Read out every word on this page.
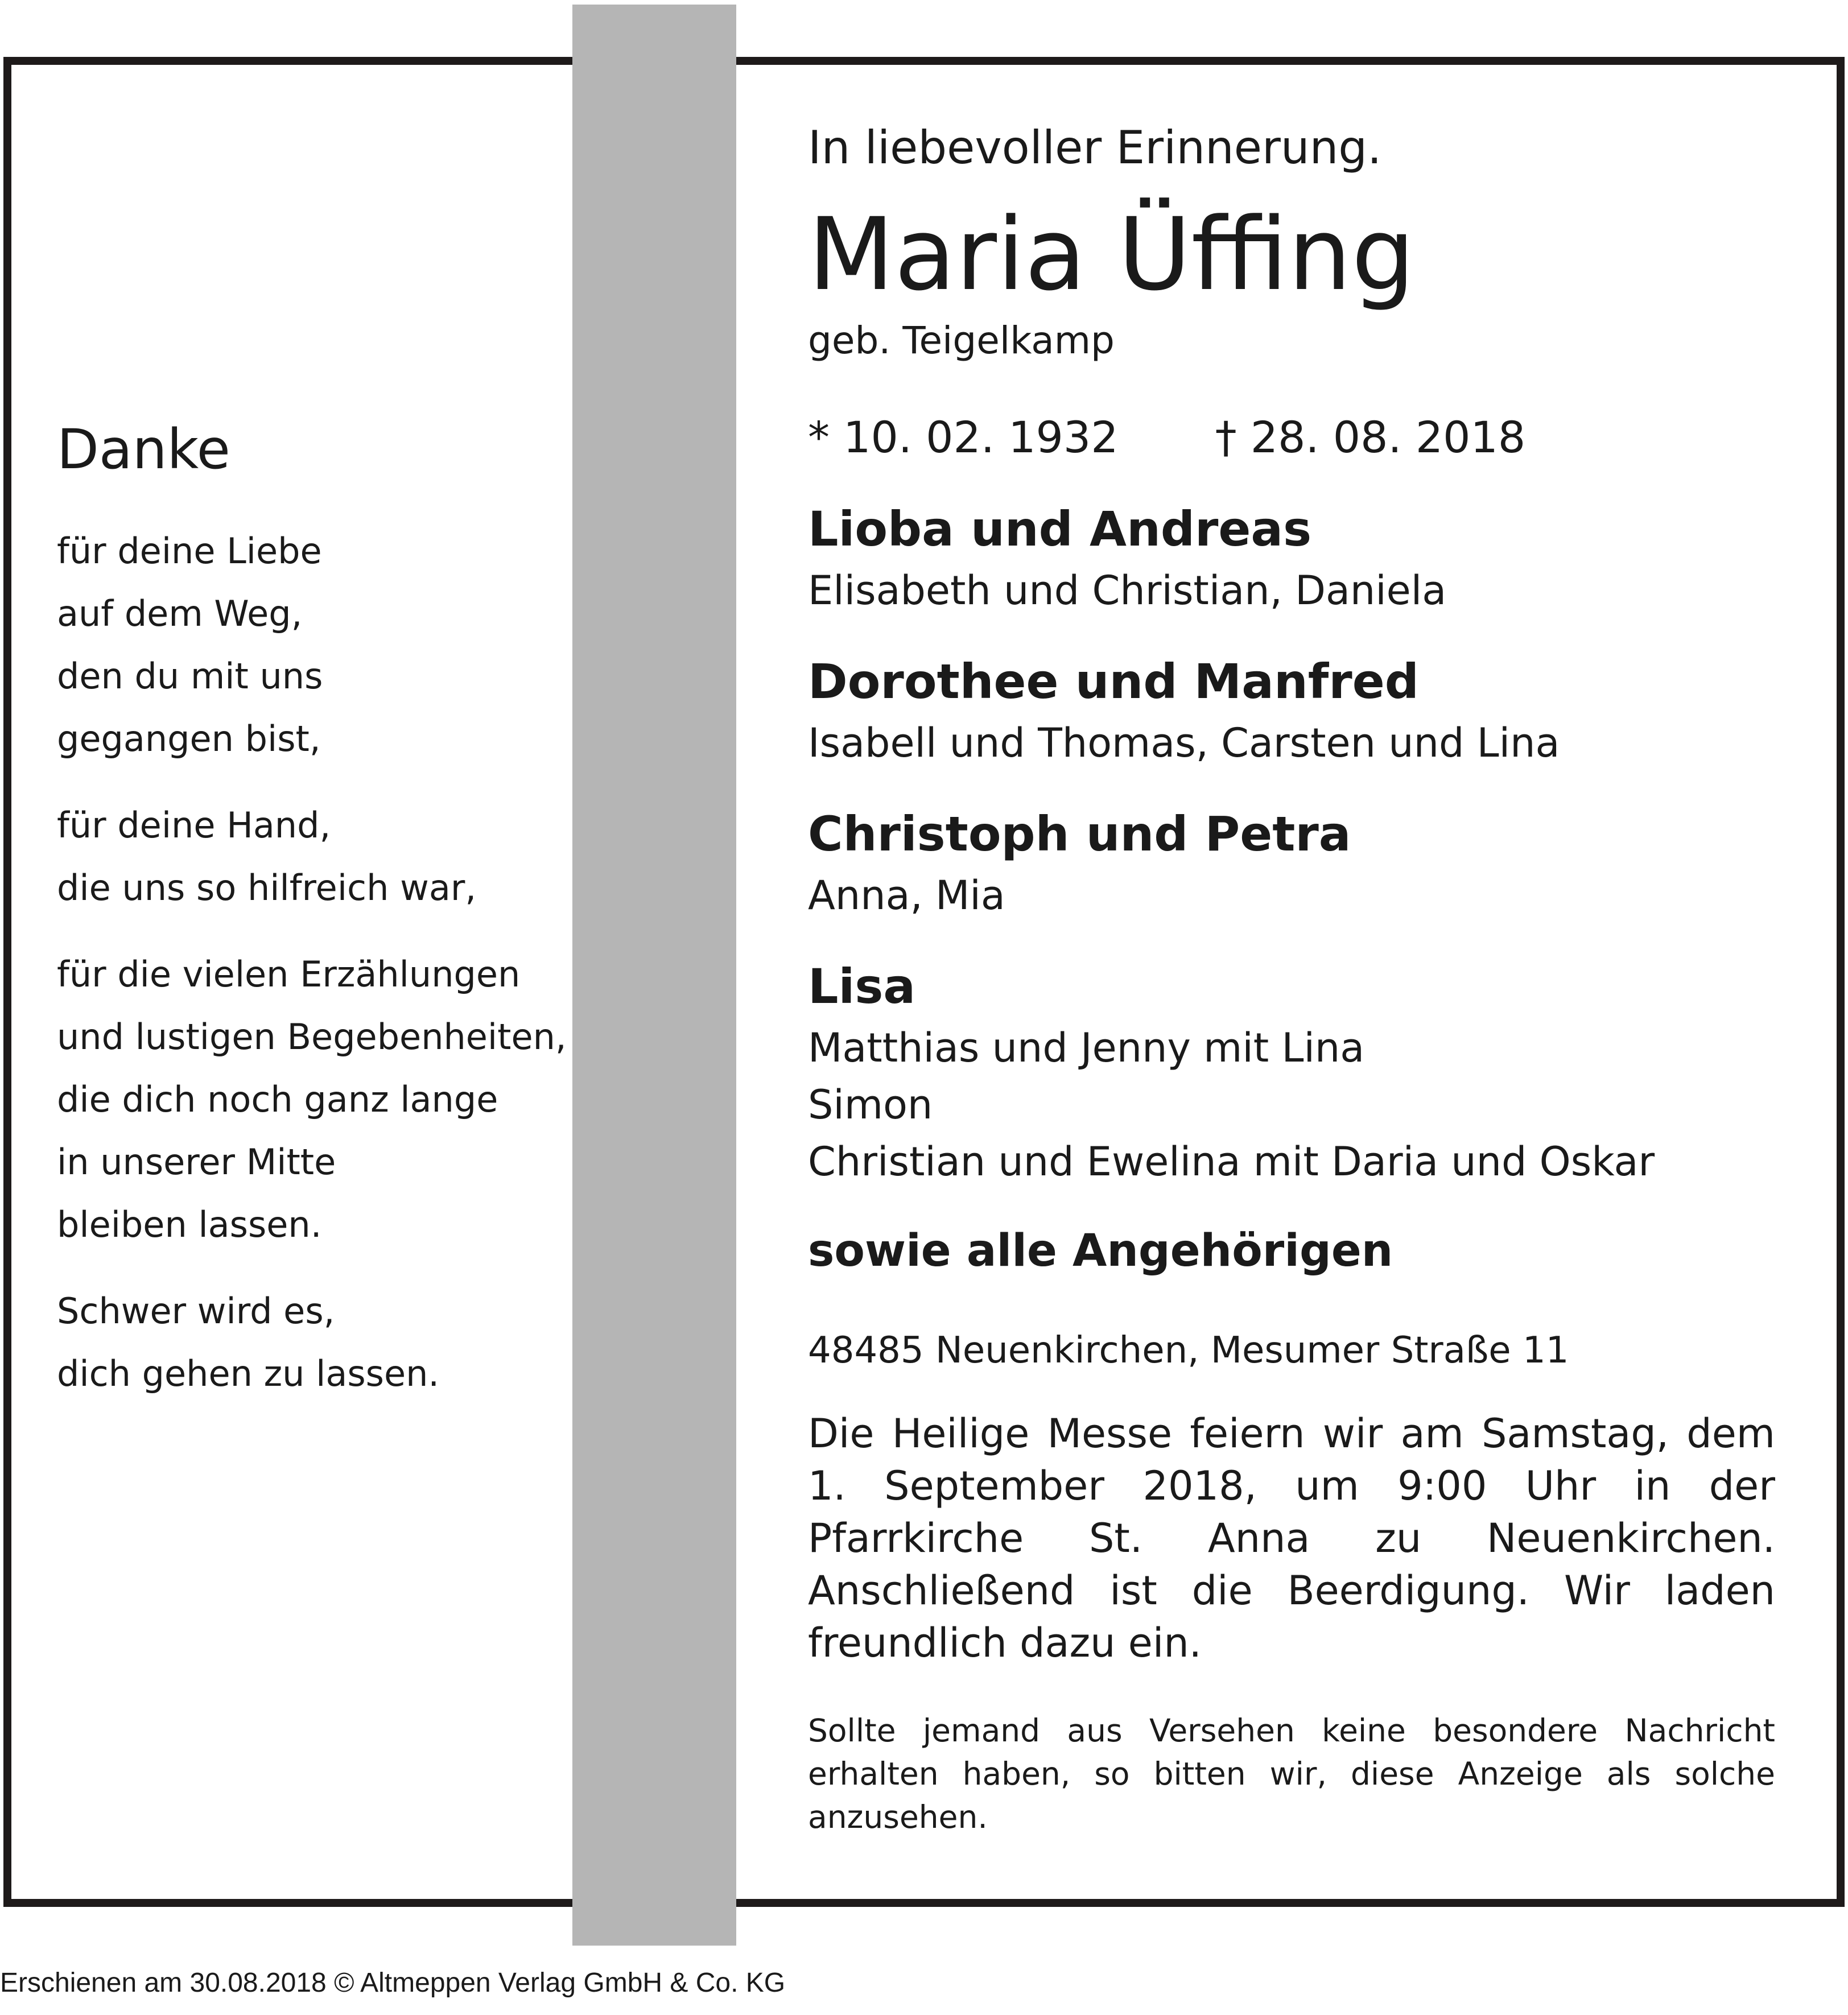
Danke
für deine Liebe
auf dem Weg,
den du mit uns
gegangen bist,
für deine Hand,
die uns so hilfreich war,
für die vielen Erzählungen
und lustigen Begebenheiten,
die dich noch ganz lange
in unserer Mitte
bleiben lassen.
Schwer wird es,
dich gehen zu lassen.

In liebevoller Erinnerung.

Maria Üffing

geb. Teigelkamp

* 10. 02. 1932 † 28. 08. 2018

Lioba und Andreas
Elisabeth und Christian, Daniela
Dorothee und Manfred
Isabell und Thomas, Carsten und Lina
Christoph und Petra
Anna, Mia
Lisa
Matthias und Jenny mit Lina
Simon
Christian und Ewelina mit Daria und Oskar

sowie alle Angehörigen

48485 Neuenkirchen, Mesumer Straße 11

Die Heilige Messe feiern wir am Samstag, dem 1. September 2018, um 9:00 Uhr in der Pfarrkirche St. Anna zu Neuenkirchen. Anschließend ist die Beerdigung. Wir laden freundlich dazu ein.

Sollte jemand aus Versehen keine besondere Nachricht erhalten haben, so bitten wir, diese Anzeige als solche anzusehen.

Erschienen am 30.08.2018 © Altmeppen Verlag GmbH & Co. KG
